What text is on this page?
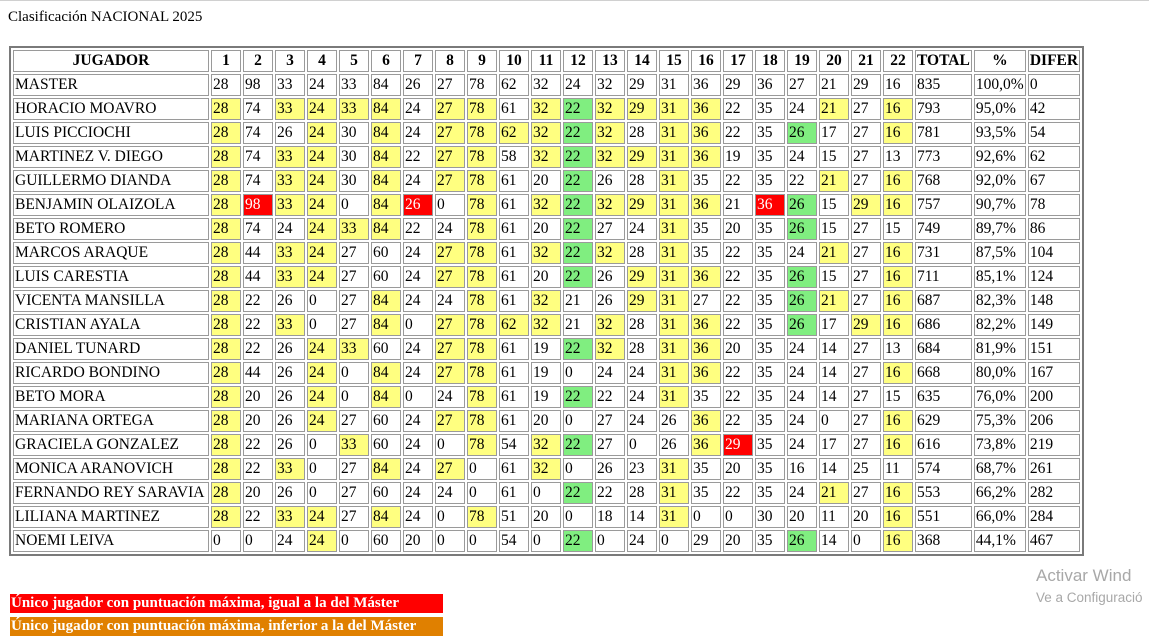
Clasificación NACIONAL 2025
JUGADOR	1	2	3	4	5	6	7	8	9	10	11	12	13	14	15	16	17	18	19	20	21	22	TOTAL	%	DIFER
MASTER	28	98	33	24	33	84	26	27	78	62	32	24	32	29	31	36	29	36	27	21	29	16	835	100,0%	0
HORACIO MOAVRO	28	74	33	24	33	84	24	27	78	61	32	22	32	29	31	36	22	35	24	21	27	16	793	95,0%	42
LUIS PICCIOCHI	28	74	26	24	30	84	24	27	78	62	32	22	32	28	31	36	22	35	26	17	27	16	781	93,5%	54
MARTINEZ V. DIEGO	28	74	33	24	30	84	22	27	78	58	32	22	32	29	31	36	19	35	24	15	27	13	773	92,6%	62
GUILLERMO DIANDA	28	74	33	24	30	84	24	27	78	61	20	22	26	28	31	35	22	35	22	21	27	16	768	92,0%	67
BENJAMIN OLAIZOLA	28	98	33	24	0	84	26	0	78	61	32	22	32	29	31	36	21	36	26	15	29	16	757	90,7%	78
BETO ROMERO	28	74	24	24	33	84	22	24	78	61	20	22	27	24	31	35	20	35	26	15	27	15	749	89,7%	86
MARCOS ARAQUE	28	44	33	24	27	60	24	27	78	61	32	22	32	28	31	35	22	35	24	21	27	16	731	87,5%	104
LUIS CARESTIA	28	44	33	24	27	60	24	27	78	61	20	22	26	29	31	36	22	35	26	15	27	16	711	85,1%	124
VICENTA MANSILLA	28	22	26	0	27	84	24	24	78	61	32	21	26	29	31	27	22	35	26	21	27	16	687	82,3%	148
CRISTIAN AYALA	28	22	33	0	27	84	0	27	78	62	32	21	32	28	31	36	22	35	26	17	29	16	686	82,2%	149
DANIEL TUNARD	28	22	26	24	33	60	24	27	78	61	19	22	32	28	31	36	20	35	24	14	27	13	684	81,9%	151
RICARDO BONDINO	28	44	26	24	0	84	24	27	78	61	19	0	24	24	31	36	22	35	24	14	27	16	668	80,0%	167
BETO MORA	28	20	26	24	0	84	0	24	78	61	19	22	22	24	31	35	22	35	24	14	27	15	635	76,0%	200
MARIANA ORTEGA	28	20	26	24	27	60	24	27	78	61	20	0	27	24	26	36	22	35	24	0	27	16	629	75,3%	206
GRACIELA GONZALEZ	28	22	26	0	33	60	24	0	78	54	32	22	27	0	26	36	29	35	24	17	27	16	616	73,8%	219
MONICA ARANOVICH	28	22	33	0	27	84	24	27	0	61	32	0	26	23	31	35	20	35	16	14	25	11	574	68,7%	261
FERNANDO REY SARAVIA	28	20	26	0	27	60	24	24	0	61	0	22	22	28	31	35	22	35	24	21	27	16	553	66,2%	282
LILIANA MARTINEZ	28	22	33	24	27	84	24	0	78	51	20	0	18	14	31	0	0	30	20	11	20	16	551	66,0%	284
NOEMI LEIVA	0	0	24	24	0	60	20	0	0	54	0	22	0	24	0	29	20	35	26	14	0	16	368	44,1%	467
Único jugador con puntuación máxima, igual a la del Máster
Único jugador con puntuación máxima, inferior a la del Máster
Activar Wind
Ve a Configuració
